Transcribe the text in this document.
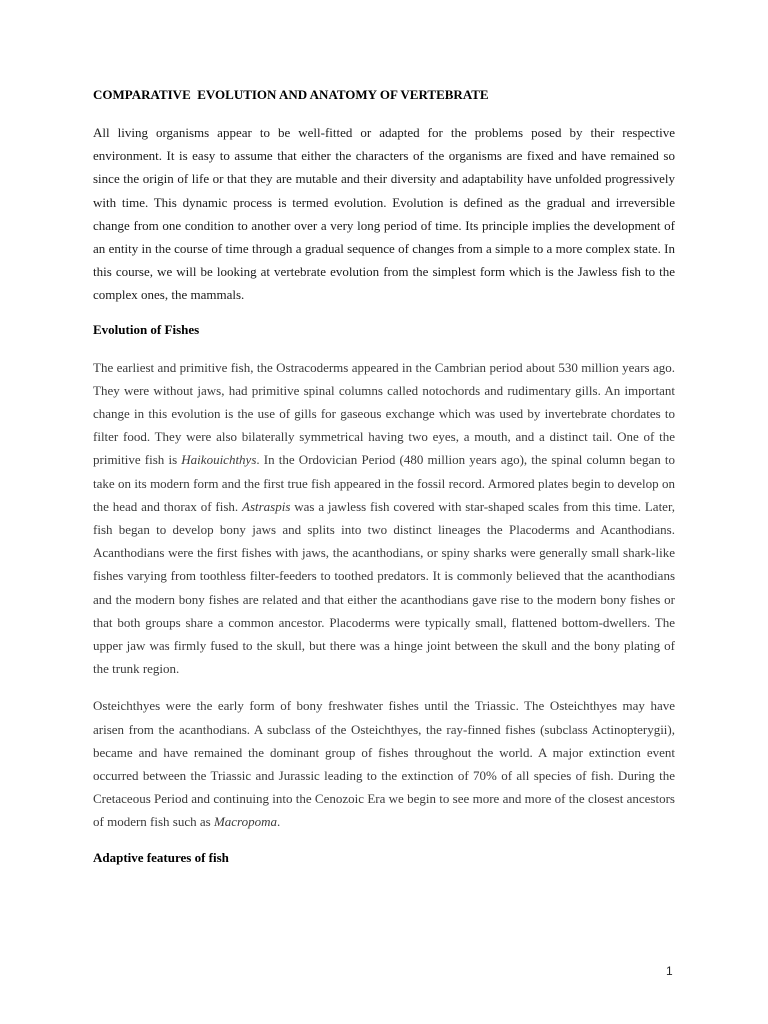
COMPARATIVE  EVOLUTION AND ANATOMY OF VERTEBRATE

All living organisms appear to be well-fitted or adapted for the problems posed by their respective environment. It is easy to assume that either the characters of the organisms are fixed and have remained so since the origin of life or that they are mutable and their diversity and adaptability have unfolded progressively with time. This dynamic process is termed evolution. Evolution is defined as the gradual and irreversible change from one condition to another over a very long period of time. Its principle implies the development of an entity in the course of time through a gradual sequence of changes from a simple to a more complex state. In this course, we will be looking at vertebrate evolution from the simplest form which is the Jawless fish to the complex ones, the mammals.

Evolution of Fishes

The earliest and primitive fish, the Ostracoderms appeared in the Cambrian period about 530 million years ago. They were without jaws, had primitive spinal columns called notochords and rudimentary gills. An important change in this evolution is the use of gills for gaseous exchange which was used by invertebrate chordates to filter food. They were also bilaterally symmetrical having two eyes, a mouth, and a distinct tail. One of the primitive fish is Haikouichthys. In the Ordovician Period (480 million years ago), the spinal column began to take on its modern form and the first true fish appeared in the fossil record. Armored plates begin to develop on the head and thorax of fish. Astraspis was a jawless fish covered with star-shaped scales from this time. Later, fish began to develop bony jaws and splits into two distinct lineages the Placoderms and Acanthodians. Acanthodians were the first fishes with jaws, the acanthodians, or spiny sharks were generally small shark-like fishes varying from toothless filter-feeders to toothed predators. It is commonly believed that the acanthodians and the modern bony fishes are related and that either the acanthodians gave rise to the modern bony fishes or that both groups share a common ancestor. Placoderms were typically small, flattened bottom-dwellers. The upper jaw was firmly fused to the skull, but there was a hinge joint between the skull and the bony plating of the trunk region.

Osteichthyes were the early form of bony freshwater fishes until the Triassic. The Osteichthyes may have arisen from the acanthodians. A subclass of the Osteichthyes, the ray-finned fishes (subclass Actinopterygii), became and have remained the dominant group of fishes throughout the world. A major extinction event occurred between the Triassic and Jurassic leading to the extinction of 70% of all species of fish. During the Cretaceous Period and continuing into the Cenozoic Era we begin to see more and more of the closest ancestors of modern fish such as Macropoma.

Adaptive features of fish

1
